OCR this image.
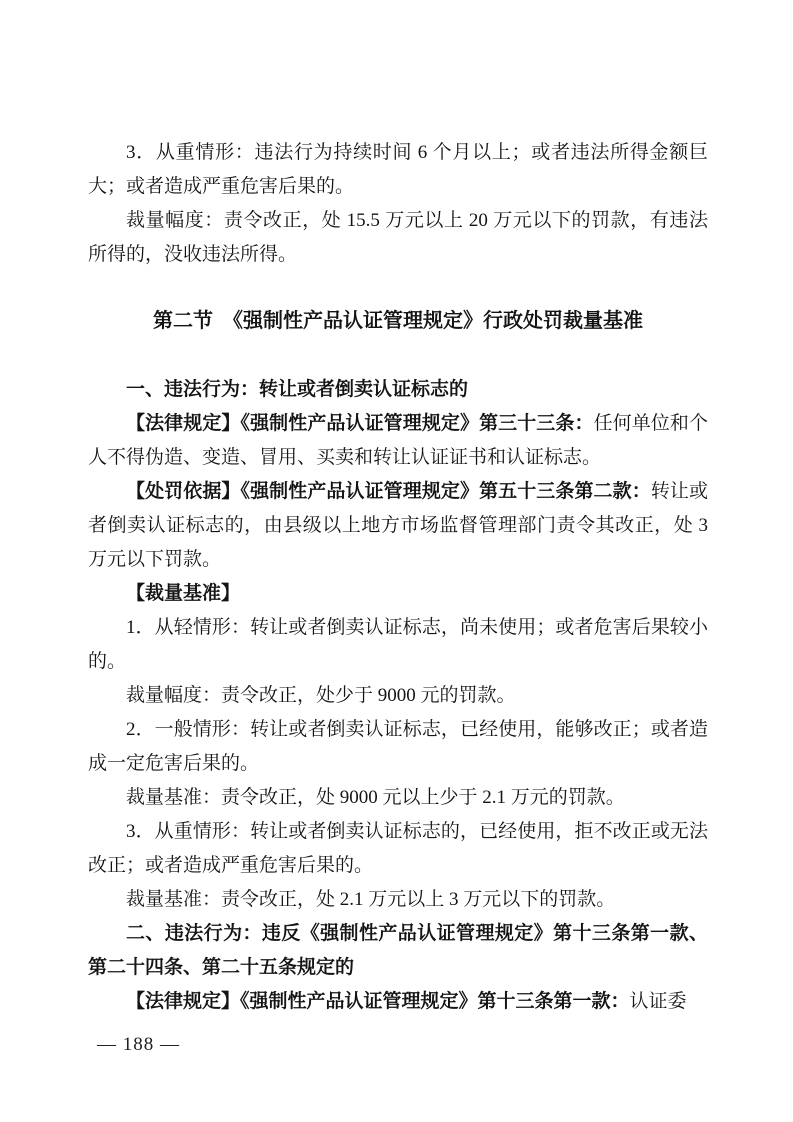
3．从重情形：违法行为持续时间 6 个月以上；或者违法所得金额巨大；或者造成严重危害后果的。

裁量幅度：责令改正，处 15.5 万元以上 20 万元以下的罚款，有违法所得的，没收违法所得。

第二节　《强制性产品认证管理规定》行政处罚裁量基准

一、违法行为：转让或者倒卖认证标志的

【法律规定】《强制性产品认证管理规定》第三十三条：任何单位和个人不得伪造、变造、冒用、买卖和转让认证证书和认证标志。

【处罚依据】《强制性产品认证管理规定》第五十三条第二款：转让或者倒卖认证标志的，由县级以上地方市场监督管理部门责令其改正，处 3 万元以下罚款。

【裁量基准】

1．从轻情形：转让或者倒卖认证标志，尚未使用；或者危害后果较小的。

裁量幅度：责令改正，处少于 9000 元的罚款。

2．一般情形：转让或者倒卖认证标志，已经使用，能够改正；或者造成一定危害后果的。

裁量基准：责令改正，处 9000 元以上少于 2.1 万元的罚款。

3．从重情形：转让或者倒卖认证标志的，已经使用，拒不改正或无法改正；或者造成严重危害后果的。

裁量基准：责令改正，处 2.1 万元以上 3 万元以下的罚款。

二、违法行为：违反《强制性产品认证管理规定》第十三条第一款、第二十四条、第二十五条规定的

【法律规定】《强制性产品认证管理规定》第十三条第一款：认证委

— 188 —
